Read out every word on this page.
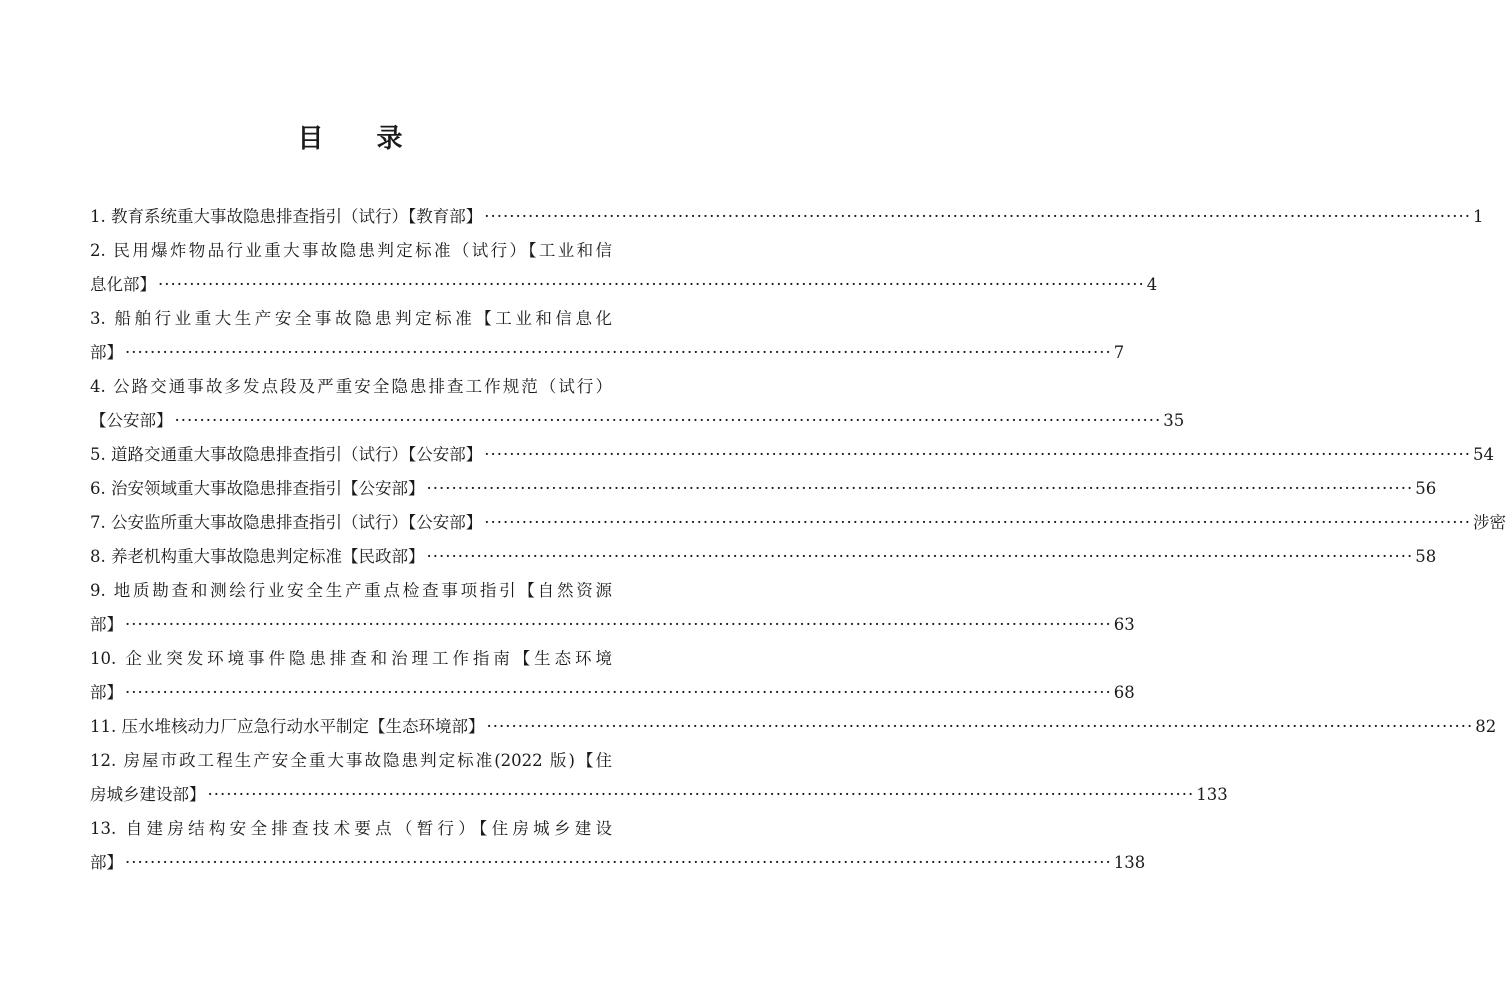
目 录
1. 教育系统重大事故隐患排查指引（试行）【教育部】 ·····	1
2. 民用爆炸物品行业重大事故隐患判定标准（试行）【工业和信
息化部】 ·····	4
3. 船舶行业重大生产安全事故隐患判定标准【工业和信息化
部】 ·····	7
4. 公路交通事故多发点段及严重安全隐患排查工作规范（试行）
【公安部】 ·····	35
5. 道路交通重大事故隐患排查指引（试行）【公安部】 ·····	54
6. 治安领域重大事故隐患排查指引【公安部】 ·····	56
7. 公安监所重大事故隐患排查指引（试行）【公安部】 ·····	涉密
8. 养老机构重大事故隐患判定标准【民政部】 ·····	58
9. 地质勘查和测绘行业安全生产重点检查事项指引【自然资源
部】 ·····	63
10. 企业突发环境事件隐患排查和治理工作指南【生态环境
部】 ·····	68
11. 压水堆核动力厂应急行动水平制定【生态环境部】 ·····	82
12. 房屋市政工程生产安全重大事故隐患判定标准(2022 版)【住
房城乡建设部】 ·····	133
13. 自建房结构安全排查技术要点（暂行）【住房城乡建设
部】 ·····	138
